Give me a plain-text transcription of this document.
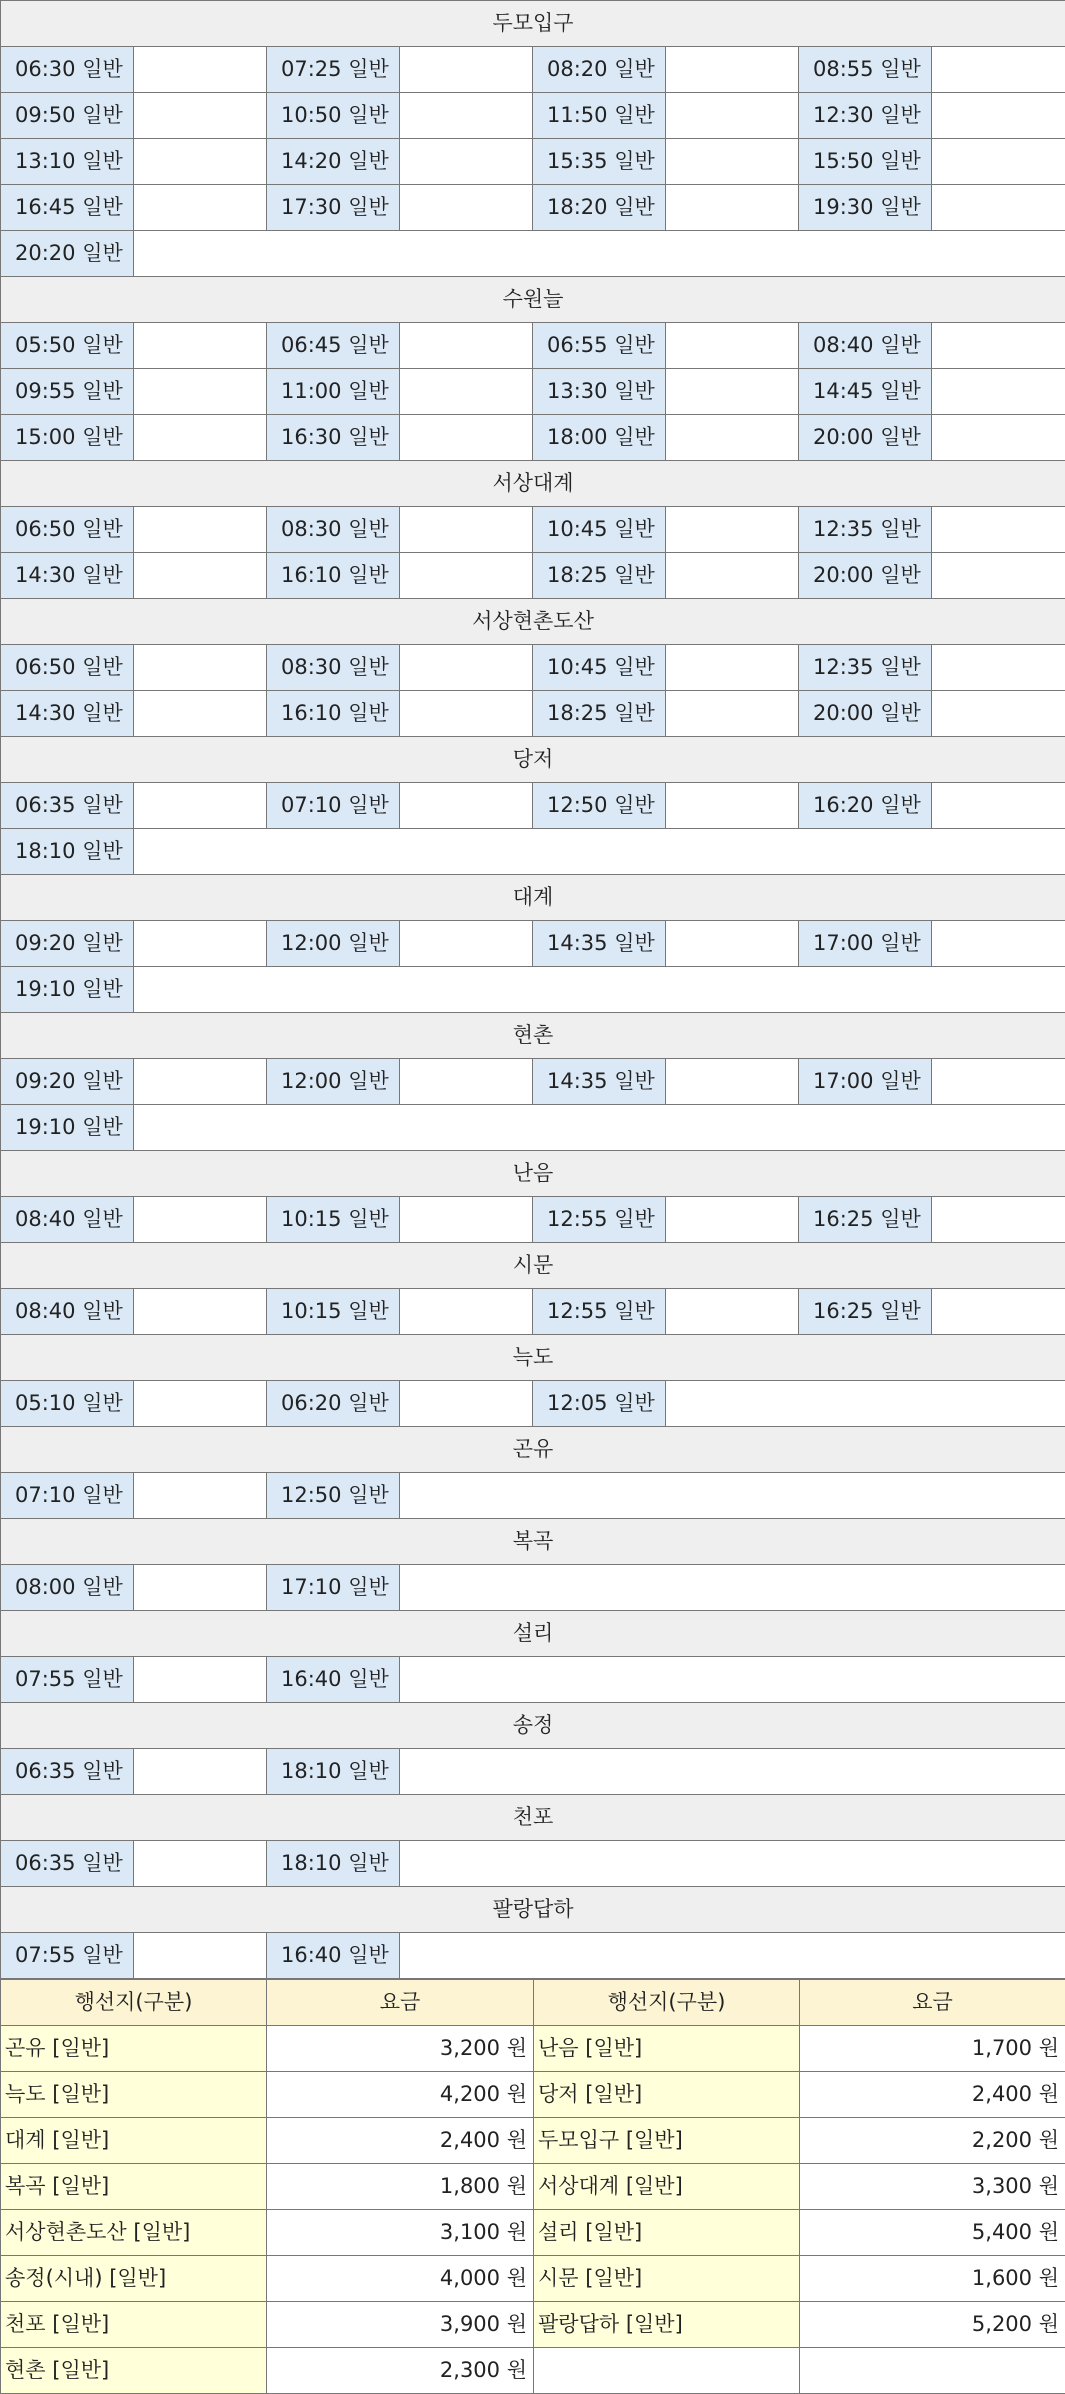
두모입구							
06:30 일반		07:25 일반		08:20 일반		08:55 일반	
09:50 일반		10:50 일반		11:50 일반		12:30 일반	
13:10 일반		14:20 일반		15:35 일반		15:50 일반	
16:45 일반		17:30 일반		18:20 일반		19:30 일반	
20:20 일반							
수원늘							
05:50 일반		06:45 일반		06:55 일반		08:40 일반	
09:55 일반		11:00 일반		13:30 일반		14:45 일반	
15:00 일반		16:30 일반		18:00 일반		20:00 일반	
서상대계							
06:50 일반		08:30 일반		10:45 일반		12:35 일반	
14:30 일반		16:10 일반		18:25 일반		20:00 일반	
서상현촌도산							
06:50 일반		08:30 일반		10:45 일반		12:35 일반	
14:30 일반		16:10 일반		18:25 일반		20:00 일반	
당저							
06:35 일반		07:10 일반		12:50 일반		16:20 일반	
18:10 일반							
대계							
09:20 일반		12:00 일반		14:35 일반		17:00 일반	
19:10 일반							
현촌							
09:20 일반		12:00 일반		14:35 일반		17:00 일반	
19:10 일반							
난음							
08:40 일반		10:15 일반		12:55 일반		16:25 일반	
시문							
08:40 일반		10:15 일반		12:55 일반		16:25 일반	
늑도							
05:10 일반		06:20 일반		12:05 일반			
곤유							
07:10 일반		12:50 일반					
복곡							
08:00 일반		17:10 일반					
설리							
07:55 일반		16:40 일반					
송정							
06:35 일반		18:10 일반					
천포							
06:35 일반		18:10 일반					
팔랑답하							
07:55 일반		16:40 일반					
행선지(구분)	요금	행선지(구분)	요금
곤유 [일반]	3,200 원	난음 [일반]	1,700 원
늑도 [일반]	4,200 원	당저 [일반]	2,400 원
대계 [일반]	2,400 원	두모입구 [일반]	2,200 원
복곡 [일반]	1,800 원	서상대계 [일반]	3,300 원
서상현촌도산 [일반]	3,100 원	설리 [일반]	5,400 원
송정(시내) [일반]	4,000 원	시문 [일반]	1,600 원
천포 [일반]	3,900 원	팔랑답하 [일반]	5,200 원
현촌 [일반]	2,300 원		
